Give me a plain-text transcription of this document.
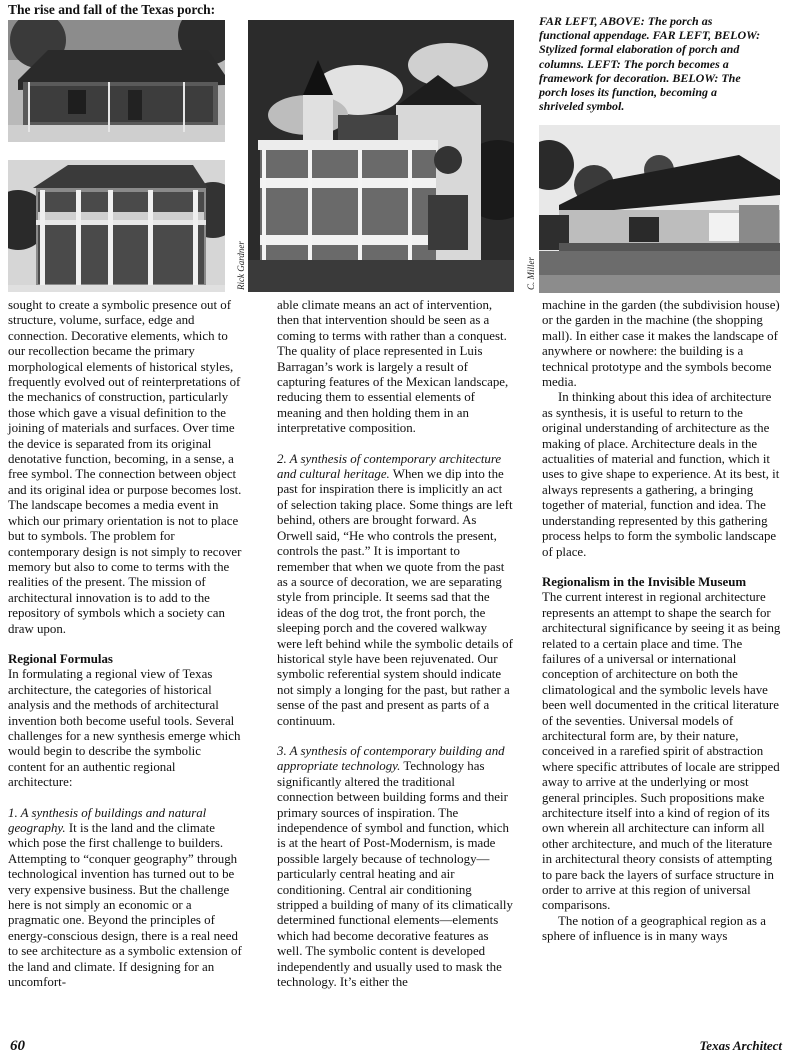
The rise and fall of the Texas porch:
FAR LEFT, ABOVE: The porch as functional appendage. FAR LEFT, BELOW: Stylized formal elaboration of porch and columns. LEFT: The porch becomes a framework for decoration. BELOW: The porch loses its function, becoming a shriveled symbol.
Rick Gardner	C. Miller

sought to create a symbolic presence out of structure, volume, surface, edge and connection. Decorative elements, which to our recollection became the primary morphological elements of historical styles, frequently evolved out of reinterpretations of the mechanics of construction, particularly those which gave a visual definition to the joining of materials and surfaces. Over time the device is separated from its original denotative function, becoming, in a sense, a free symbol. The connection between object and its original idea or purpose becomes lost. The landscape becomes a media event in which our primary orientation is not to place but to symbols. The problem for contemporary design is not simply to recover memory but also to come to terms with the realities of the present. The mission of architectural innovation is to add to the repository of symbols which a society can draw upon.

Regional Formulas

In formulating a regional view of Texas architecture, the categories of historical analysis and the methods of architectural invention both become useful tools. Several challenges for a new synthesis emerge which would begin to describe the symbolic content for an authentic regional architecture:

1. A synthesis of buildings and natural geography. It is the land and the climate which pose the first challenge to builders. Attempting to “conquer geography” through technological invention has turned out to be very expensive business. But the challenge here is not simply an economic or a pragmatic one. Beyond the principles of energy-conscious design, there is a real need to see architecture as a symbolic extension of the land and climate. If designing for an uncomfort-

able climate means an act of intervention, then that intervention should be seen as a coming to terms with rather than a conquest. The quality of place represented in Luis Barragan’s work is largely a result of capturing features of the Mexican landscape, reducing them to essential elements of meaning and then holding them in an interpretative composition.

2. A synthesis of contemporary architecture and cultural heritage. When we dip into the past for inspiration there is implicitly an act of selection taking place. Some things are left behind, others are brought forward. As Orwell said, “He who controls the present, controls the past.” It is important to remember that when we quote from the past as a source of decoration, we are separating style from principle. It seems sad that the ideas of the dog trot, the front porch, the sleeping porch and the covered walkway were left behind while the symbolic details of historical style have been rejuvenated. Our symbolic referential system should indicate not simply a longing for the past, but rather a sense of the past and present as parts of a continuum.

3. A synthesis of contemporary building and appropriate technology. Technology has significantly altered the traditional connection between building forms and their primary sources of inspiration. The independence of symbol and function, which is at the heart of Post-Modernism, is made possible largely because of technology—particularly central heating and air conditioning. Central air conditioning stripped a building of many of its climatically determined functional elements—elements which had become decorative features as well. The symbolic content is developed independently and usually used to mask the technology. It’s either the

machine in the garden (the subdivision house) or the garden in the machine (the shopping mall). In either case it makes the landscape of anywhere or nowhere: the building is a technical prototype and the symbols become media.

In thinking about this idea of architecture as synthesis, it is useful to return to the original understanding of architecture as the making of place. Architecture deals in the actualities of material and function, which it uses to give shape to experience. At its best, it always represents a gathering, a bringing together of material, function and idea. The understanding represented by this gathering process helps to form the symbolic landscape of place.

Regionalism in the Invisible Museum

The current interest in regional architecture represents an attempt to shape the search for architectural significance by seeing it as being related to a certain place and time. The failures of a universal or international conception of architecture on both the climatological and the symbolic levels have been well documented in the critical literature of the seventies. Universal models of architectural form are, by their nature, conceived in a rarefied spirit of abstraction where specific attributes of locale are stripped away to arrive at the underlying or most general principles. Such propositions make architecture itself into a kind of region of its own wherein all architecture can inform all other architecture, and much of the literature in architectural theory consists of attempting to pare back the layers of surface structure in order to arrive at this region of universal comparisons.

The notion of a geographical region as a sphere of influence is in many ways

60	Texas Architect
